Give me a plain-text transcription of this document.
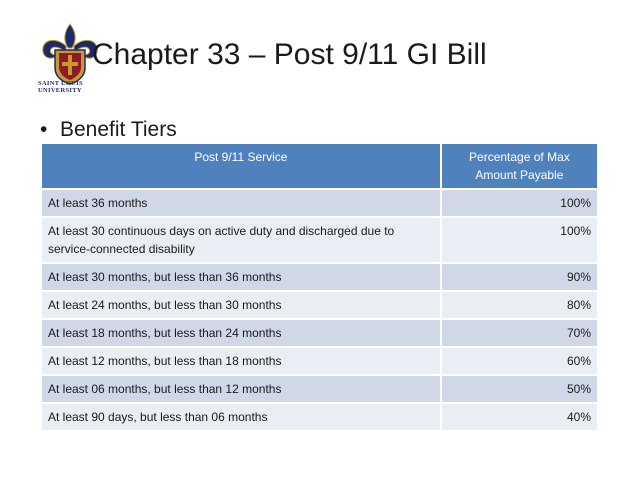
SAINT LOUIS
UNIVERSITY
Chapter 33 – Post 9/11 GI Bill
• Benefit Tiers
Post 9/11 Service	Percentage of Max Amount Payable
At least 36 months	100%
At least 30 continuous days on active duty and discharged due to service-connected disability	100%
At least 30 months, but less than 36 months	90%
At least 24 months, but less than 30 months	80%
At least 18 months, but less than 24 months	70%
At least 12 months, but less than 18 months	60%
At least 06 months, but less than 12 months	50%
At least 90 days, but less than 06 months	40%
